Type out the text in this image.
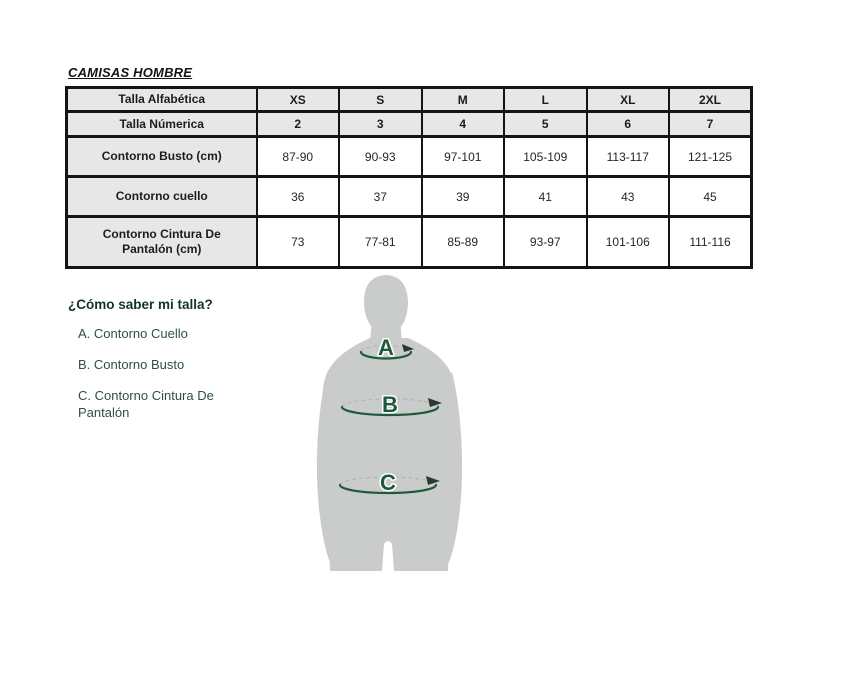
CAMISAS HOMBRE
Talla Alfabética	XS	S	M	L	XL	2XL
Talla Númerica	2	3	4	5	6	7
Contorno Busto (cm)	87-90	90-93	97-101	105-109	113-117	121-125
Contorno cuello	36	37	39	41	43	45
Contorno Cintura De Pantalón (cm)	73	77-81	85-89	93-97	101-106	111-116

¿Cómo saber mi talla?

A. Contorno Cuello

B. Contorno Busto

C. Contorno Cintura De Pantalón

A
B
C
